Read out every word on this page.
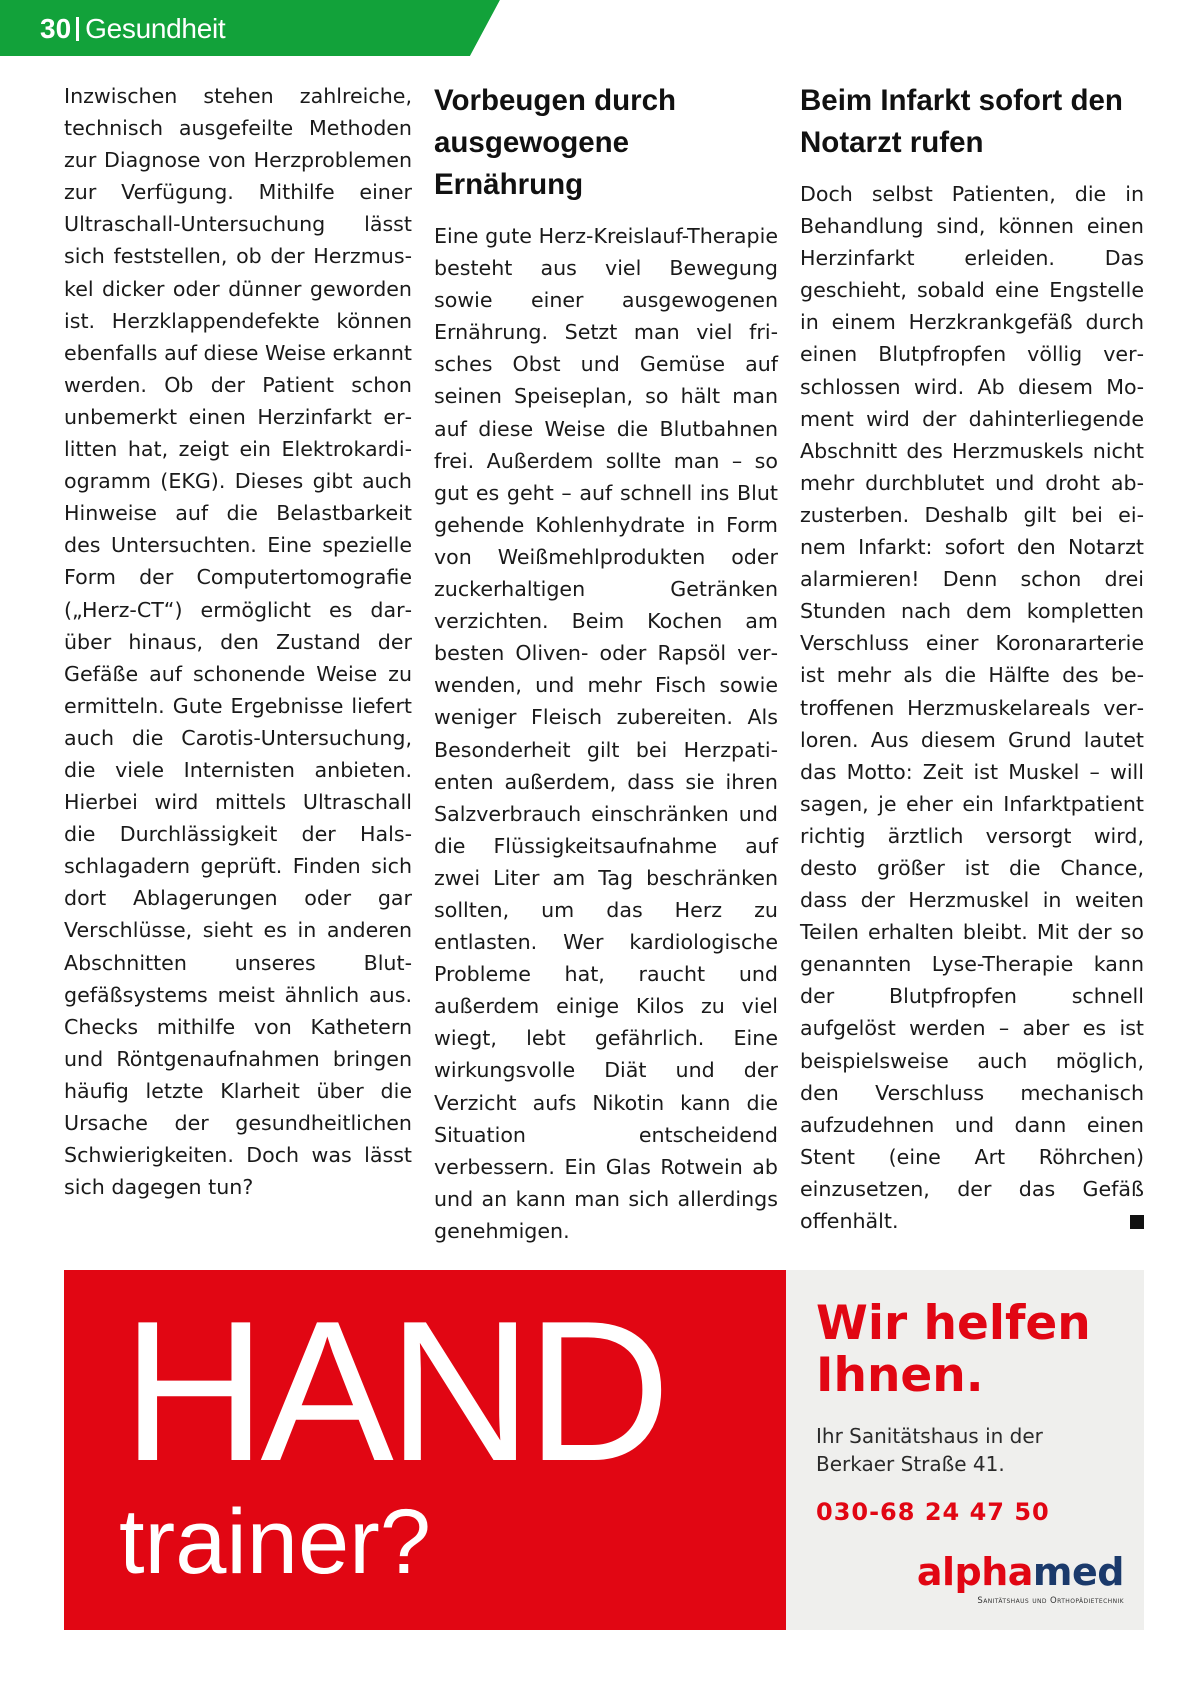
30 Gesundheit

Inzwischen stehen zahlreiche, technisch ausgefeilte Methoden zur Diagnose von Herzproblemen zur Verfügung. Mithilfe einer Ultraschall-Untersuchung lässt sich feststellen, ob der Herzmuskel dicker oder dünner geworden ist. Herzklappendefekte können ebenfalls auf diese Weise erkannt werden. Ob der Patient schon unbemerkt einen Herzinfarkt erlitten hat, zeigt ein Elektrokardiogramm (EKG). Dieses gibt auch Hinweise auf die Belastbarkeit des Untersuchten. Eine spezielle Form der Computertomografie („Herz-CT“) ermöglicht es darüber hinaus, den Zustand der Gefäße auf schonende Weise zu ermitteln. Gute Ergebnisse liefert auch die Carotis-Untersuchung, die viele Internisten anbieten. Hierbei wird mittels Ultraschall die Durchlässigkeit der Halsschlagadern geprüft. Finden sich dort Ablagerungen oder gar Verschlüsse, sieht es in anderen Abschnitten unseres Blutgefäßsystems meist ähnlich aus. Checks mithilfe von Kathetern und Röntgenaufnahmen bringen häufig letzte Klarheit über die Ursache der gesundheitlichen Schwierigkeiten. Doch was lässt sich dagegen tun?

Vorbeugen durch ausgewogene Ernährung

Eine gute Herz-Kreislauf-Therapie besteht aus viel Bewegung sowie einer ausgewogenen Ernährung. Setzt man viel frisches Obst und Gemüse auf seinen Speiseplan, so hält man auf diese Weise die Blutbahnen frei. Außerdem sollte man – so gut es geht – auf schnell ins Blut gehende Kohlenhydrate in Form von Weißmehlprodukten oder zuckerhaltigen Getränken verzichten. Beim Kochen am besten Oliven- oder Rapsöl verwenden, und mehr Fisch sowie weniger Fleisch zubereiten. Als Besonderheit gilt bei Herzpatienten außerdem, dass sie ihren Salzverbrauch einschränken und die Flüssigkeitsaufnahme auf zwei Liter am Tag beschränken sollten, um das Herz zu entlasten. Wer kardiologische Probleme hat, raucht und außerdem einige Kilos zu viel wiegt, lebt gefährlich. Eine wirkungsvolle Diät und der Verzicht aufs Nikotin kann die Situation entscheidend verbessern. Ein Glas Rotwein ab und an kann man sich allerdings genehmigen.

Beim Infarkt sofort den Notarzt rufen

Doch selbst Patienten, die in Behandlung sind, können einen Herzinfarkt erleiden. Das geschieht, sobald eine Engstelle in einem Herzkrankgefäß durch einen Blutpfropfen völlig verschlossen wird. Ab diesem Moment wird der dahinterliegende Abschnitt des Herzmuskels nicht mehr durchblutet und droht abzusterben. Deshalb gilt bei einem Infarkt: sofort den Notarzt alarmieren! Denn schon drei Stunden nach dem kompletten Verschluss einer Koronararterie ist mehr als die Hälfte des betroffenen Herzmuskelareals verloren. Aus diesem Grund lautet das Motto: Zeit ist Muskel – will sagen, je eher ein Infarktpatient richtig ärztlich versorgt wird, desto größer ist die Chance, dass der Herzmuskel in weiten Teilen erhalten bleibt. Mit der so genannten Lyse-Therapie kann der Blutpfropfen schnell aufgelöst werden – aber es ist beispielsweise auch möglich, den Verschluss mechanisch aufzudehnen und dann einen Stent (eine Art Röhrchen) einzusetzen, der das Gefäß offenhält.

HAND
trainer?
Wir helfen
Ihnen.
Ihr Sanitätshaus in der
Berkaer Straße 41.
030-68 24 47 50
alphamed
Sanitätshaus und Orthopädietechnik
